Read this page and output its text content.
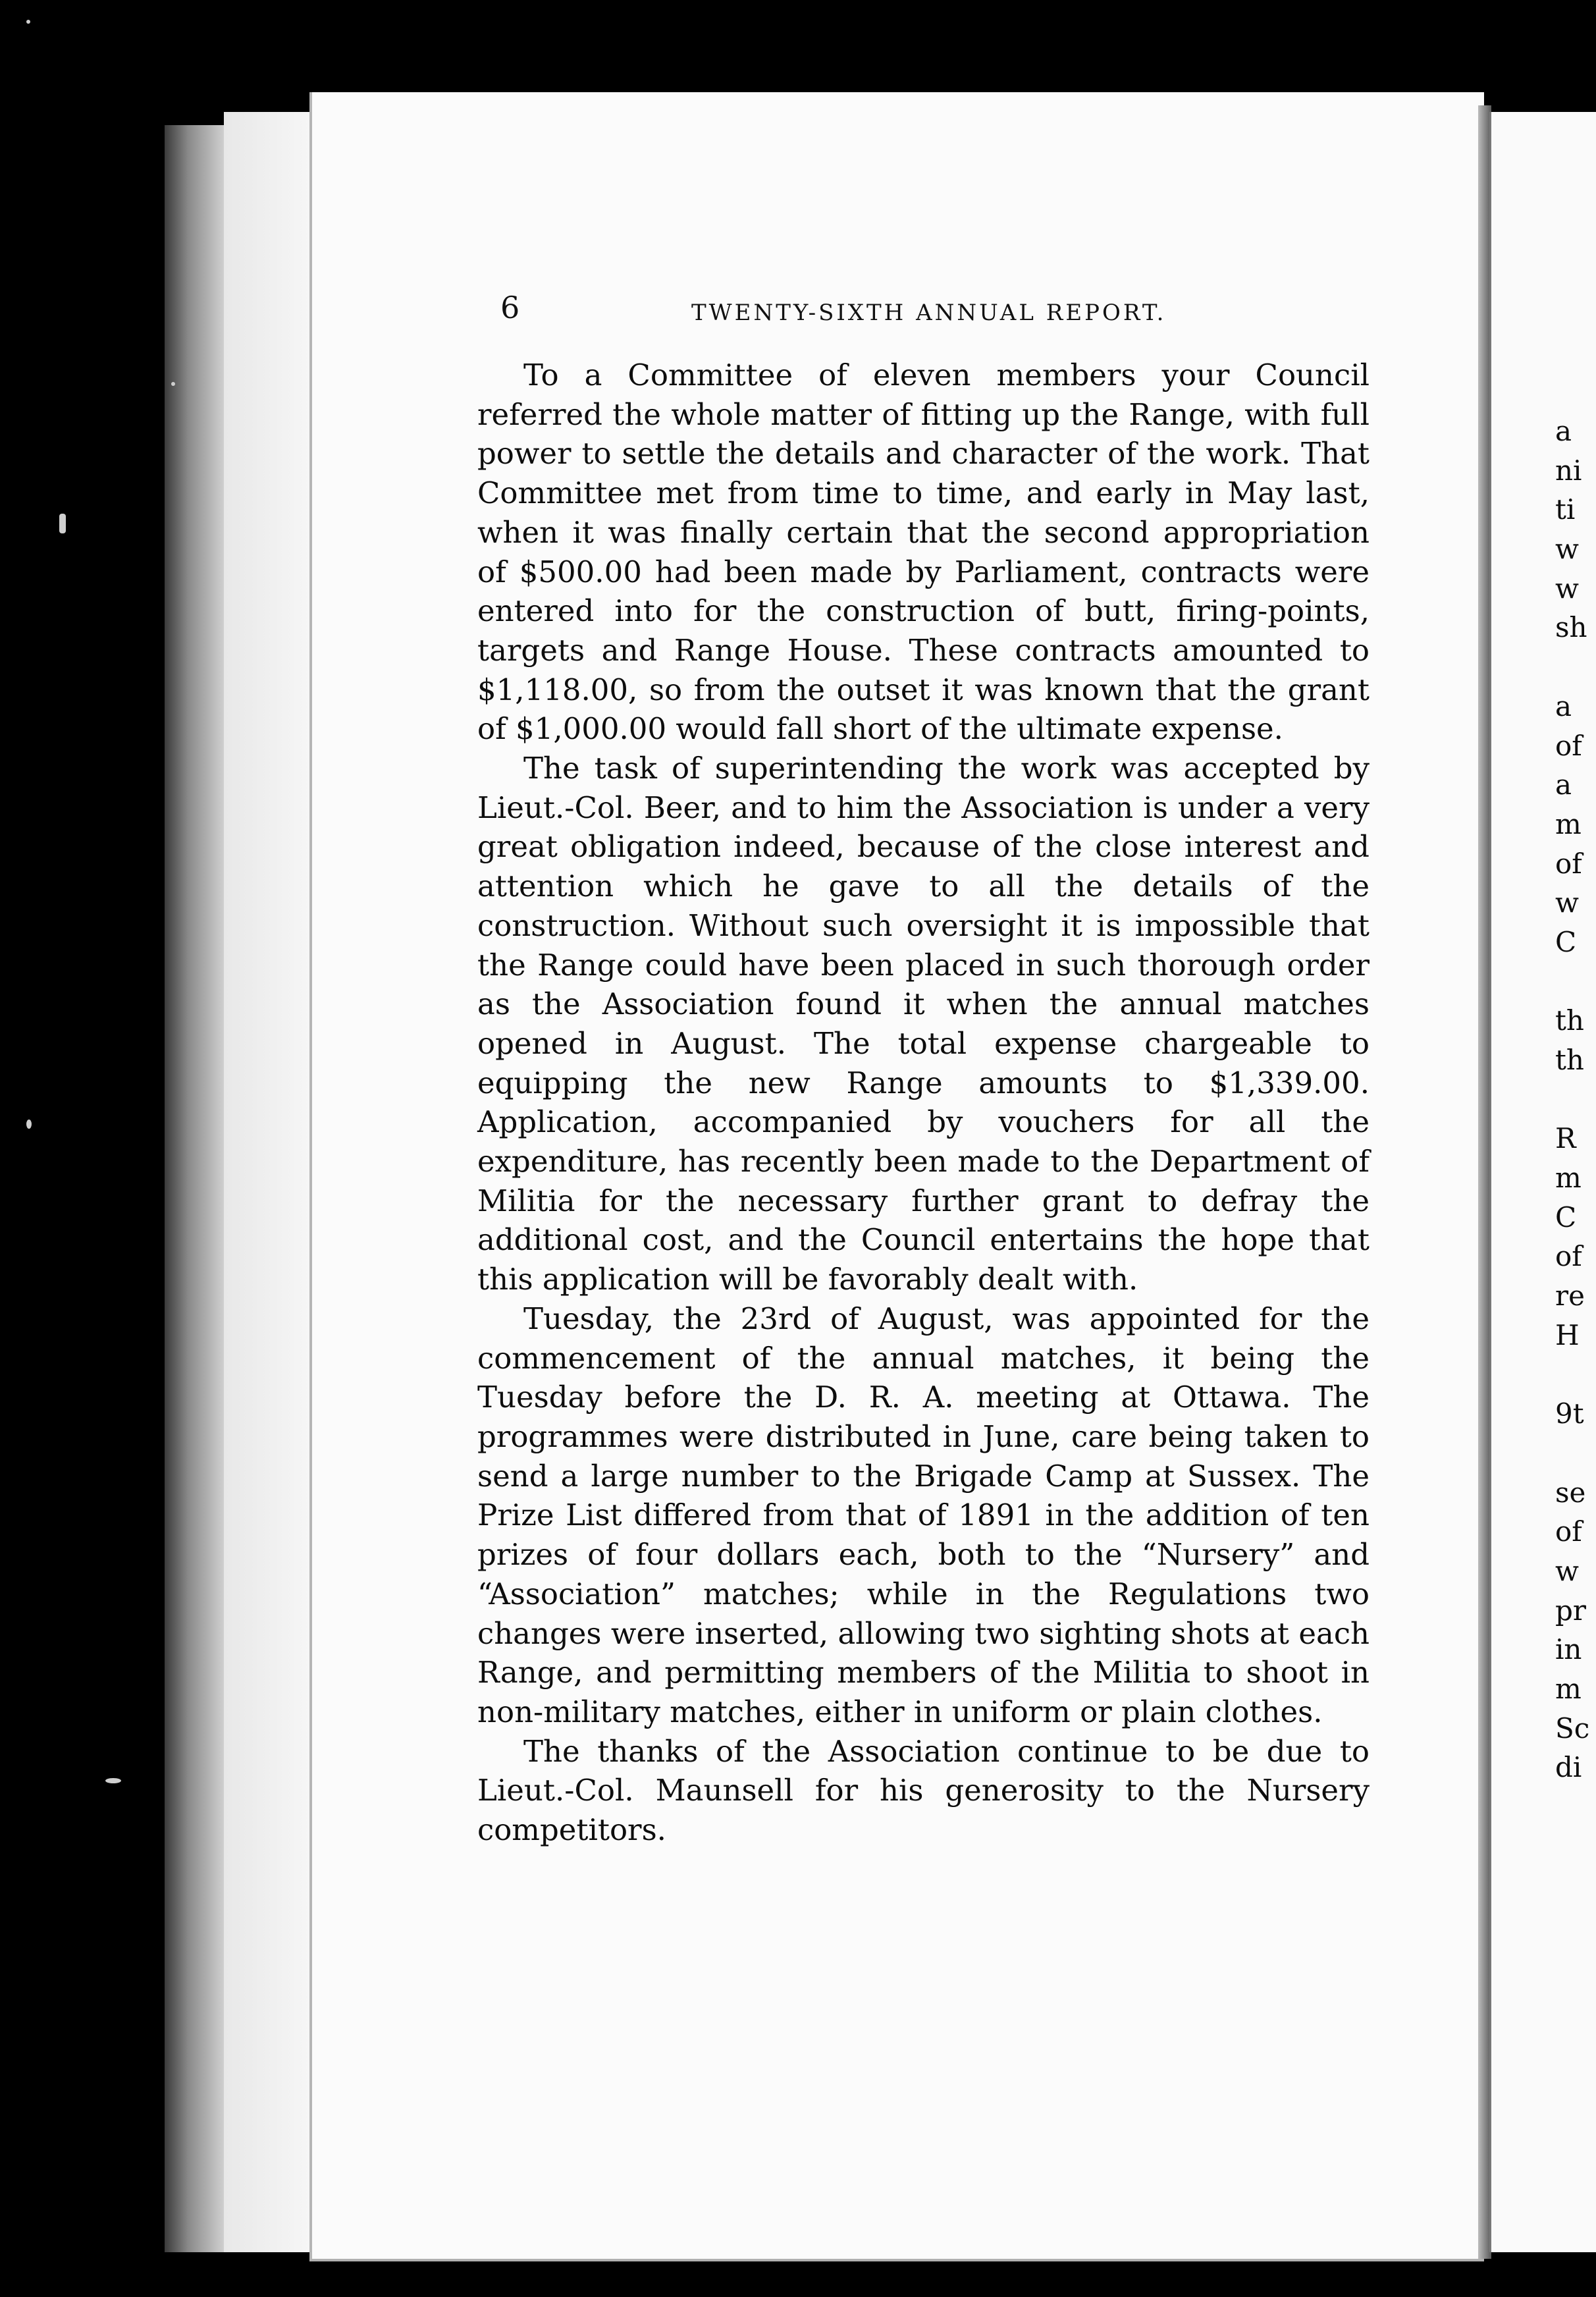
6	TWENTY-SIXTH ANNUAL REPORT.

To a Committee of eleven members your Council referred the whole matter of fitting up the Range, with full power to settle the details and character of the work. That Committee met from time to time, and early in May last, when it was finally certain that the second appropriation of $500.00 had been made by Parliament, contracts were entered into for the construction of butt, firing-points, targets and Range House. These contracts amounted to $1,118.00, so from the outset it was known that the grant of $1,000.00 would fall short of the ultimate expense.

The task of superintending the work was accepted by Lieut.-Col. Beer, and to him the Association is under a very great obligation indeed, because of the close interest and attention which he gave to all the details of the construction. Without such oversight it is impossible that the Range could have been placed in such thorough order as the Association found it when the annual matches opened in August. The total expense chargeable to equipping the new Range amounts to $1,339.00. Application, accompanied by vouchers for all the expenditure, has recently been made to the Department of Militia for the necessary further grant to defray the additional cost, and the Council entertains the hope that this application will be favorably dealt with.

Tuesday, the 23rd of August, was appointed for the commencement of the annual matches, it being the Tuesday before the D. R. A. meeting at Ottawa. The programmes were distributed in June, care being taken to send a large number to the Brigade Camp at Sussex. The Prize List differed from that of 1891 in the addition of ten prizes of four dollars each, both to the “Nursery” and “Association” matches; while in the Regulations two changes were inserted, allowing two sighting shots at each Range, and permitting members of the Militia to shoot in non-military matches, either in uniform or plain clothes.

The thanks of the Association continue to be due to Lieut.-Col. Maunsell for his generosity to the Nursery competitors.

a
ni
ti
w
w
sh
a
of
a
m
of
w
C
th
th
R
m
C
of
re
H
9t
se
of
w
pr
in
m
Sc
di
